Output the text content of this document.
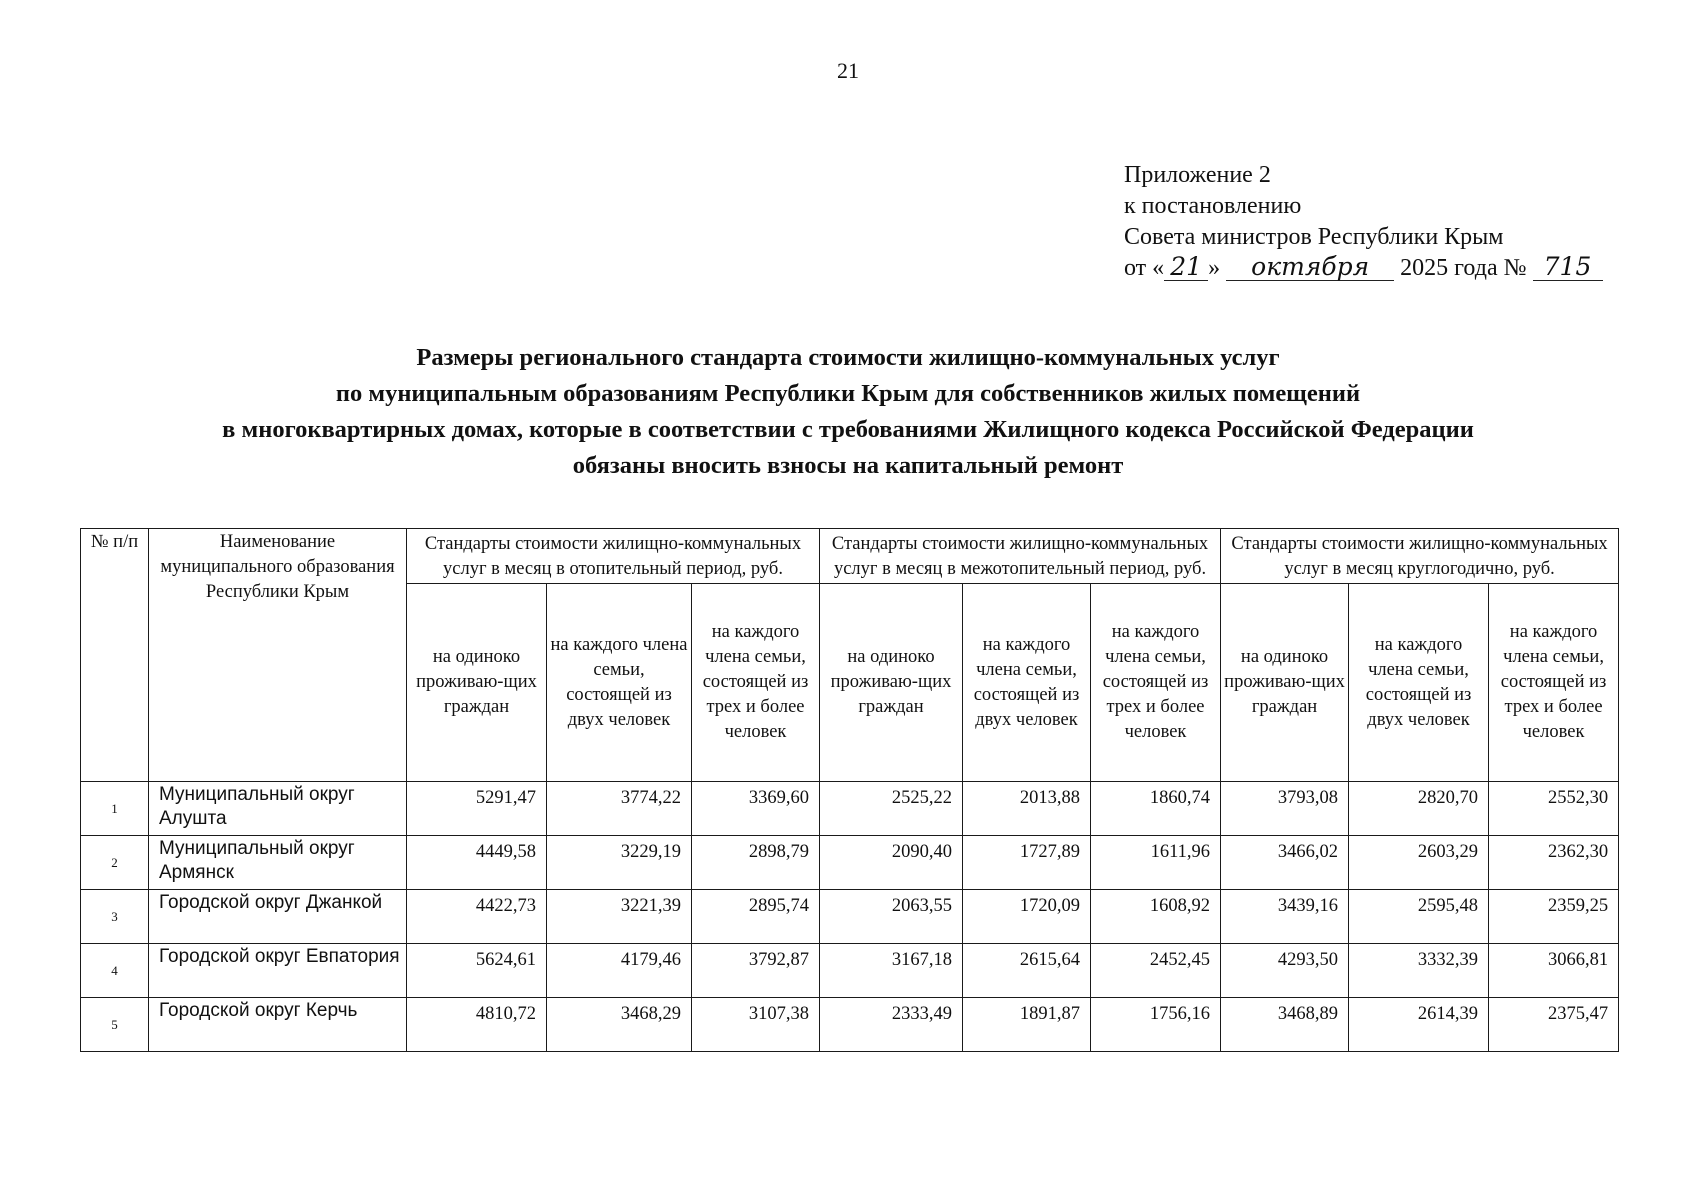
21
Приложение 2
к постановлению
Совета министров Республики Крым
от « 21 » октября 2025 года № 715
Размеры регионального стандарта стоимости жилищно-коммунальных услуг
по муниципальным образованиям Республики Крым для собственников жилых помещений
в многоквартирных домах, которые в соответствии с требованиями Жилищного кодекса Российской Федерации
обязаны вносить взносы на капитальный ремонт
№ п/п	Наименование муниципального образования Республики Крым	Стандарты стоимости жилищно-коммунальных услуг в месяц в отопительный период, руб.			Стандарты стоимости жилищно-коммунальных услуг в месяц в межотопительный период, руб.			Стандарты стоимости жилищно-коммунальных услуг в месяц круглогодично, руб.		
		на одиноко проживаю-щих граждан	на каждого члена семьи, состоящей из двух человек	на каждого члена семьи, состоящей из трех и более человек	на одиноко проживаю-щих граждан	на каждого члена семьи, состоящей из двух человек	на каждого члена семьи, состоящей из трех и более человек	на одиноко проживаю-щих граждан	на каждого члена семьи, состоящей из двух человек	на каждого члена семьи, состоящей из трех и более человек
1	Муниципальный округ Алушта	5291,47	3774,22	3369,60	2525,22	2013,88	1860,74	3793,08	2820,70	2552,30
2	Муниципальный округ Армянск	4449,58	3229,19	2898,79	2090,40	1727,89	1611,96	3466,02	2603,29	2362,30
3	Городской округ Джанкой	4422,73	3221,39	2895,74	2063,55	1720,09	1608,92	3439,16	2595,48	2359,25
4	Городской округ Евпатория	5624,61	4179,46	3792,87	3167,18	2615,64	2452,45	4293,50	3332,39	3066,81
5	Городской округ Керчь	4810,72	3468,29	3107,38	2333,49	1891,87	1756,16	3468,89	2614,39	2375,47
